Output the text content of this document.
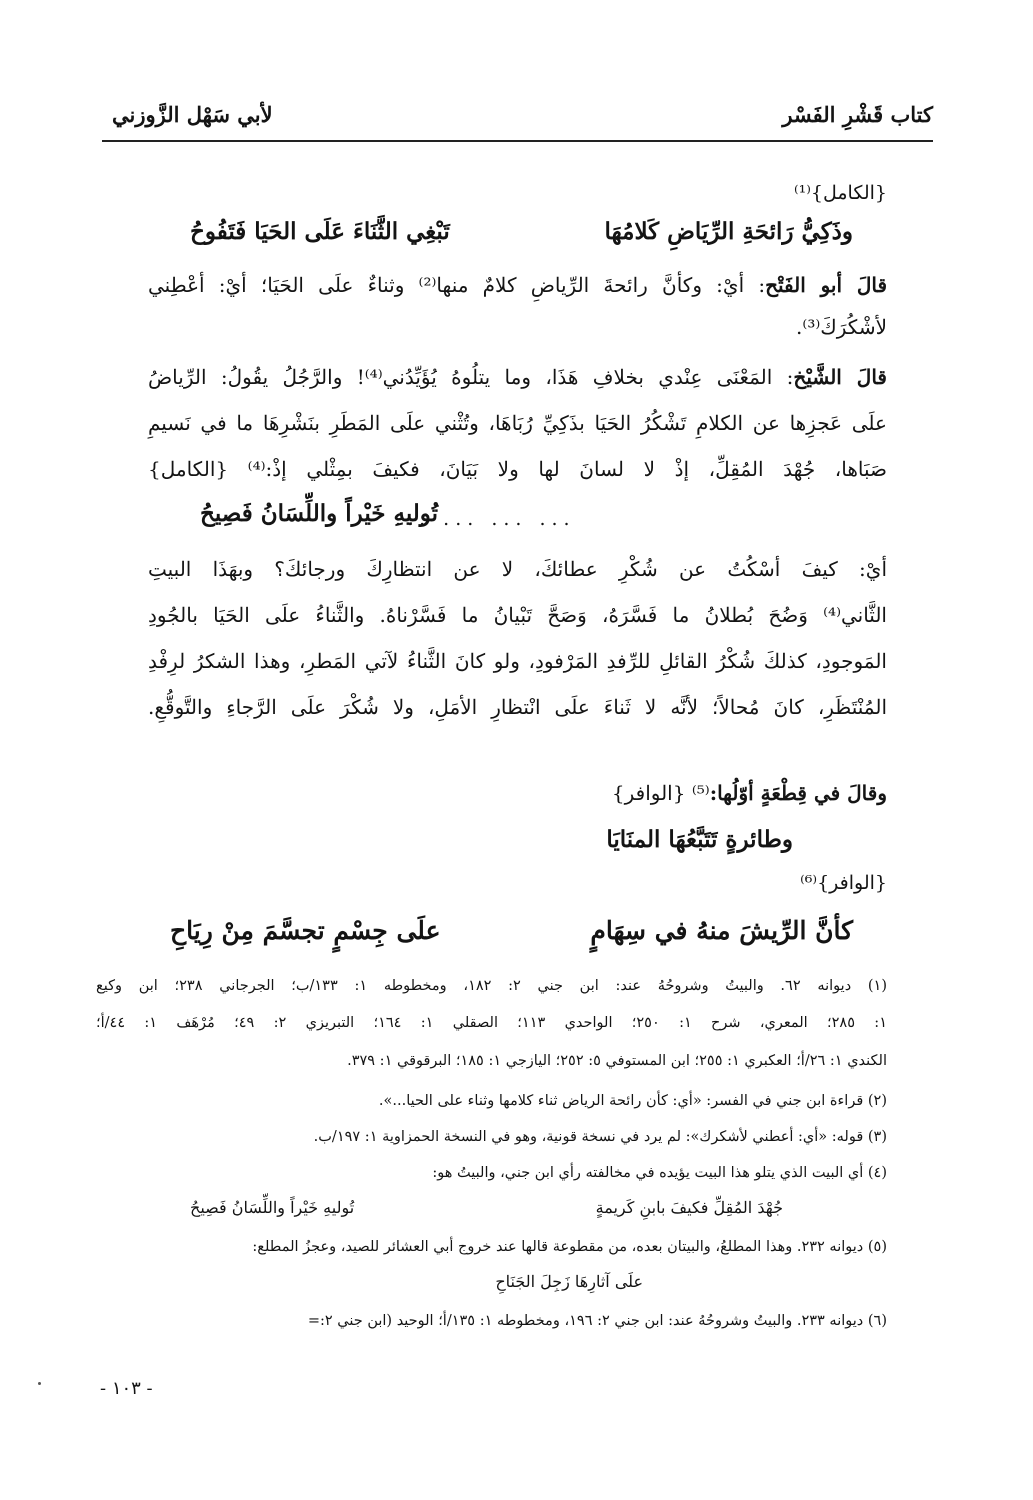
كتاب قَشْرِ الفَسْر
لأبي سَهْل الزَّوزني
{الكامل}⁽¹⁾
وذَكِيُّ رَائحَةِ الرِّيَاضِ كَلامُهَا
تَبْغِي الثَّنَاءَ عَلَى الحَيَا فَتَفُوحُ
قالَ أبو الفَتْح: أيْ: وكأنَّ رائحةَ الرِّياضِ كلامٌ منها⁽²⁾ وثناءٌ علَى الحَيَا؛ أيْ: أعْطِني
لأشْكُرَكَ⁽³⁾.
قالَ الشَّيْخ: المَعْنَى عِنْدي بخلافِ هَذَا، وما يتلُوهُ يُؤَيِّدُني⁽⁴⁾! والرَّجُلُ يقُولُ: الرِّياضُ
علَى عَجزِها عن الكلامِ تَشْكُرُ الحَيَا بذَكِيِّ رُبَاهَا، وتُثْني علَى المَطَرِ بنَشْرِهَا ما في نَسيمِ
صَبَاها، جُهْدَ المُقِلِّ، إذْ لا لسانَ لها ولا بَيَانَ، فكيفَ بمِثْلي إذْ:⁽⁴⁾ {الكامل}
... ... ... ...
تُوليهِ خَيْراً واللِّسَانُ فَصِيحُ
أيْ: كيفَ أسْكُتُ عن شُكْرِ عطائكَ، لا عن انتظارِكَ ورجائكَ؟ وبهَذَا البيتِ
الثَّاني⁽⁴⁾ وَضُحَ بُطلانُ ما فَسَّرَهُ، وَصَحَّ تَبْيانُ ما فَسَّرْناهُ. والثَّناءُ علَى الحَيَا بالجُودِ
المَوجودِ، كذلكَ شُكْرُ القائلِ للرِّفدِ المَرْفودِ، ولو كانَ الثَّناءُ لآتي المَطرِ، وهذا الشكرُ لرِفْدِ
المُنْتَظَرِ، كانَ مُحالاً؛ لأنَّه لا ثَناءَ علَى انْتظارِ الأمَلِ، ولا شُكْرَ علَى الرَّجاءِ والتَّوقُّعِ.
وقالَ في قِطْعَةٍ أوّلُها:⁽⁵⁾ {الوافر}
وطائرةٍ تَتَبَّعُهَا المنَايَا
{الوافر}⁽⁶⁾
كأنَّ الرِّيشَ منهُ في سِهَامٍ
علَى جِسْمٍ تجسَّمَ مِنْ رِيَاحِ
(١) ديوانه ٦٢. والبيتُ وشروحُهُ عند: ابن جني ٢: ١٨٢، ومخطوطه ١: ١٣٣/ب؛ الجرجاني ٢٣٨؛ ابن وكيع
١: ٢٨٥؛ المعري، شرح ١: ٢٥٠؛ الواحدي ١١٣؛ الصقلي ١: ١٦٤؛ التبريزي ٢: ٤٩؛ مُرْهَف ١: ٤٤/أ؛
الكندي ١: ٢٦/أ؛ العكبري ١: ٢٥٥؛ ابن المستوفي ٥: ٢٥٢؛ اليازجي ١: ١٨٥؛ البرقوقي ١: ٣٧٩.
(٢) قراءة ابن جني في الفسر: «أي: كأن رائحة الرياض ثناء كلامها وثناء على الحيا...».
(٣) قوله: «أي: أعطني لأشكرك»: لم يرد في نسخة قونية، وهو في النسخة الحمزاوية ١: ١٩٧/ب.
(٤) أي البيت الذي يتلو هذا البيت يؤيده في مخالفته رأي ابن جني، والبيتُ هو:
جُهْدَ المُقِلِّ فكيفَ بابنِ كَريمةٍ
تُوليهِ خَيْراً واللِّسَانُ فَصِيحُ
(٥) ديوانه ٢٣٢. وهذا المطلعُ، والبيتان بعده، من مقطوعة قالها عند خروج أبي العشائر للصيد، وعجزُ المطلع:
علَى آثارِهَا زَجِلَ الجَنَاحِ
(٦) ديوانه ٢٣٣. والبيتُ وشروحُهُ عند: ابن جني ٢: ١٩٦، ومخطوطه ١: ١٣٥/أ؛ الوحيد (ابن جني ٢:=
- ١٠٣ -
